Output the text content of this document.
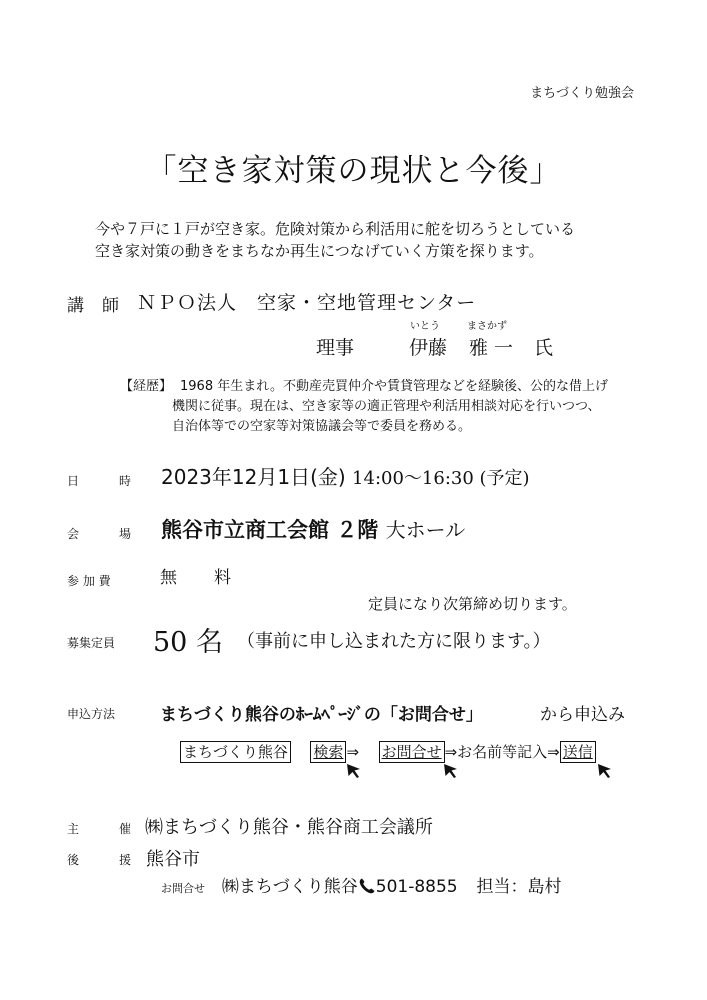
まちづくり勉強会
「空き家対策の現状と今後」
今や７戸に１戸が空き家。危険対策から利活用に舵を切ろうとしている
空き家対策の動きをまちなか再生につなげていく方策を探ります。
講 師 ＮＰＯ法人　空家・空地管理センター
いとう	まさかず
理事	伊藤 雅 一 氏
【経歴】 1968 年生まれ。不動産売買仲介や賃貸管理などを経験後、公的な借上げ
機関に従事。現在は、空き家等の適正管理や利活用相談対応を行いつつ、
自治体等での空家等対策協議会等で委員を務める。
日	時 2023年12月1日(金) 14:00～16:30 (予定)
会	場 熊谷市立商工会館 ２階 大ホール
参 加 費	無　料
定員になり次第締め切ります。
募集定員 50 名 （事前に申し込まれた方に限ります。）
申込方法	まちづくり熊谷のﾎｰﾑﾍﾟｰｼﾞの「お問合せ」	から申込み
まちづくり熊谷 検索 ⇒ お問合せ ⇒お名前等記入⇒ 送信
主	催 ㈱まちづくり熊谷・熊谷商工会議所
後	援 熊谷市
お問合せ ㈱まちづくり熊谷 501-8855 担当：島村
